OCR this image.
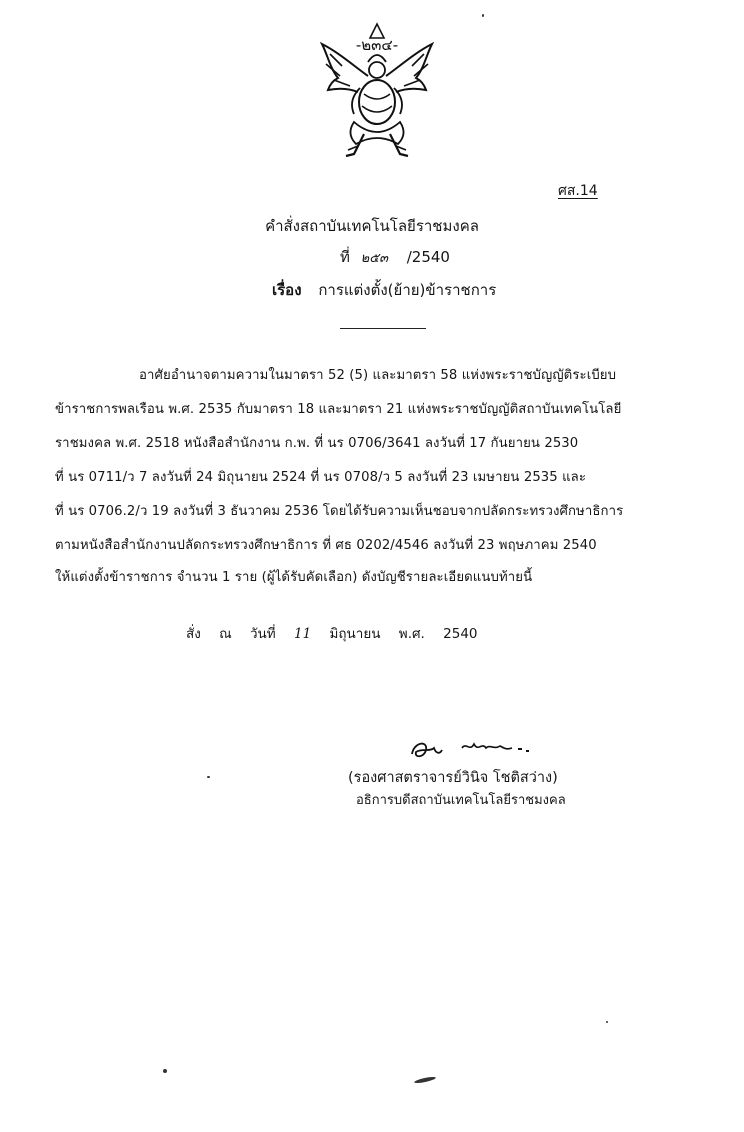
-๒๓๔-
ศส.14
คำสั่งสถาบันเทคโนโลยีราชมงคล
ที่ ๒๕๓ /2540
เรื่อง การแต่งตั้ง(ย้าย)ข้าราชการ
อาศัยอำนาจตามความในมาตรา 52 (5) และมาตรา 58 แห่งพระราชบัญญัติระเบียบ
ข้าราชการพลเรือน พ.ศ. 2535 กับมาตรา 18 และมาตรา 21 แห่งพระราชบัญญัติสถาบันเทคโนโลยี
ราชมงคล พ.ศ. 2518 หนังสือสำนักงาน ก.พ. ที่ นร 0706/3641 ลงวันที่ 17 กันยายน 2530
ที่ นร 0711/ว 7 ลงวันที่ 24 มิถุนายน 2524 ที่ นร 0708/ว 5 ลงวันที่ 23 เมษายน 2535 และ
ที่ นร 0706.2/ว 19 ลงวันที่ 3 ธันวาคม 2536 โดยได้รับความเห็นชอบจากปลัดกระทรวงศึกษาธิการ
ตามหนังสือสำนักงานปลัดกระทรวงศึกษาธิการ ที่ ศธ 0202/4546 ลงวันที่ 23 พฤษภาคม 2540
ให้แต่งตั้งข้าราชการ จำนวน 1 ราย (ผู้ได้รับคัดเลือก) ดังบัญชีรายละเอียดแนบท้ายนี้
สั่ง ณ วันที่ 11 มิถุนายน พ.ศ. 2540
(รองศาสตราจารย์วินิจ โชติสว่าง)
อธิการบดีสถาบันเทคโนโลยีราชมงคล
